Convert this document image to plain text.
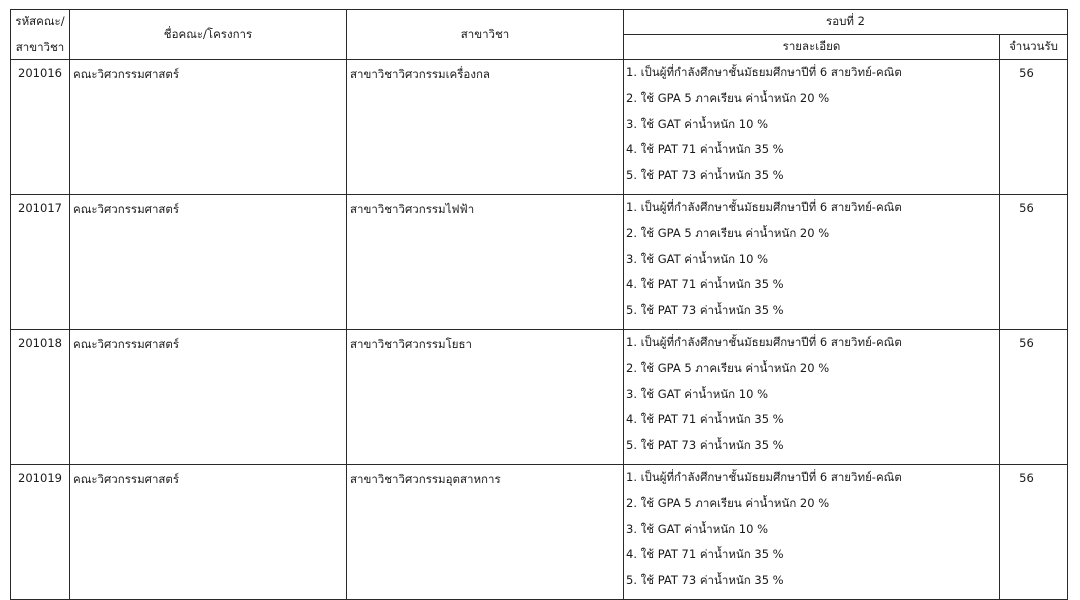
รหัสคณะ/
สาขาวิชา	ชื่อคณะ/โครงการ	สาขาวิชา	รอบที่ 2	
			รายละเอียด	จำนวนรับ
201016	คณะวิศวกรรมศาสตร์	สาขาวิชาวิศวกรรมเครื่องกล	1. เป็นผู้ที่กำลังศึกษาชั้นมัธยมศึกษาปีที่ 6 สายวิทย์-คณิต
2. ใช้ GPA 5 ภาคเรียน ค่าน้ำหนัก 20 %
3. ใช้ GAT ค่าน้ำหนัก 10 %
4. ใช้ PAT 71 ค่าน้ำหนัก 35 %
5. ใช้ PAT 73 ค่าน้ำหนัก 35 %	56
201017	คณะวิศวกรรมศาสตร์	สาขาวิชาวิศวกรรมไฟฟ้า	1. เป็นผู้ที่กำลังศึกษาชั้นมัธยมศึกษาปีที่ 6 สายวิทย์-คณิต
2. ใช้ GPA 5 ภาคเรียน ค่าน้ำหนัก 20 %
3. ใช้ GAT ค่าน้ำหนัก 10 %
4. ใช้ PAT 71 ค่าน้ำหนัก 35 %
5. ใช้ PAT 73 ค่าน้ำหนัก 35 %	56
201018	คณะวิศวกรรมศาสตร์	สาขาวิชาวิศวกรรมโยธา	1. เป็นผู้ที่กำลังศึกษาชั้นมัธยมศึกษาปีที่ 6 สายวิทย์-คณิต
2. ใช้ GPA 5 ภาคเรียน ค่าน้ำหนัก 20 %
3. ใช้ GAT ค่าน้ำหนัก 10 %
4. ใช้ PAT 71 ค่าน้ำหนัก 35 %
5. ใช้ PAT 73 ค่าน้ำหนัก 35 %	56
201019	คณะวิศวกรรมศาสตร์	สาขาวิชาวิศวกรรมอุตสาหการ	1. เป็นผู้ที่กำลังศึกษาชั้นมัธยมศึกษาปีที่ 6 สายวิทย์-คณิต
2. ใช้ GPA 5 ภาคเรียน ค่าน้ำหนัก 20 %
3. ใช้ GAT ค่าน้ำหนัก 10 %
4. ใช้ PAT 71 ค่าน้ำหนัก 35 %
5. ใช้ PAT 73 ค่าน้ำหนัก 35 %	56
